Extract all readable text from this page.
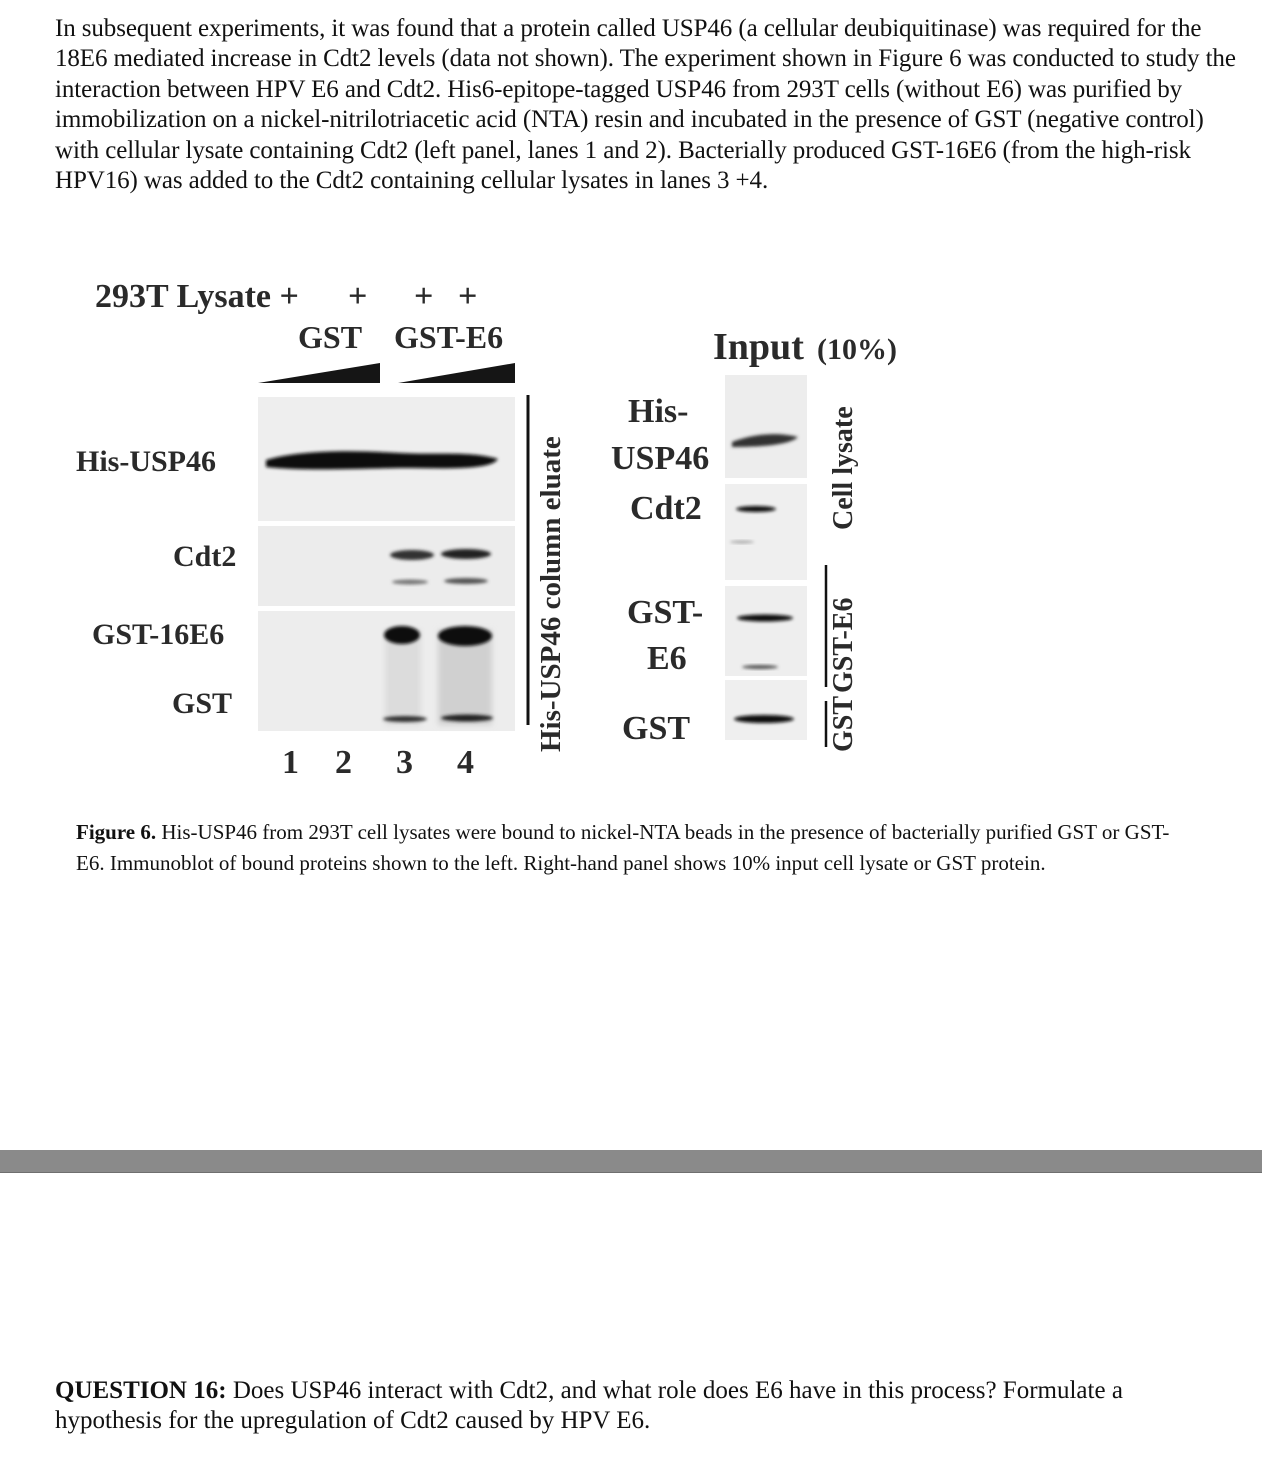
In subsequent experiments, it was found that a protein called USP46 (a cellular deubiquitinase) was required for the 18E6 mediated increase in Cdt2 levels (data not shown). The experiment shown in Figure 6 was conducted to study the interaction between HPV E6 and Cdt2. His6-epitope-tagged USP46 from 293T cells (without E6) was purified by immobilization on a nickel-nitrilotriacetic acid (NTA) resin and incubated in the presence of GST (negative control) with cellular lysate containing Cdt2 (left panel, lanes 1 and 2). Bacterially produced GST-16E6 (from the high-risk HPV16) was added to the Cdt2 containing cellular lysates in lanes 3 +4.

293T Lysate + + + +
GST GST-E6
His-USP46
Cdt2
GST-16E6
GST
1 2 3 4
His-USP46 column eluate
Input (10%)
His-
USP46
Cdt2
GST-
E6
GST
Cell lysate
GST-E6
GST

Figure 6. His-USP46 from 293T cell lysates were bound to nickel-NTA beads in the presence of bacterially purified GST or GST-E6. Immunoblot of bound proteins shown to the left. Right-hand panel shows 10% input cell lysate or GST protein.

QUESTION 16: Does USP46 interact with Cdt2, and what role does E6 have in this process? Formulate a hypothesis for the upregulation of Cdt2 caused by HPV E6.
